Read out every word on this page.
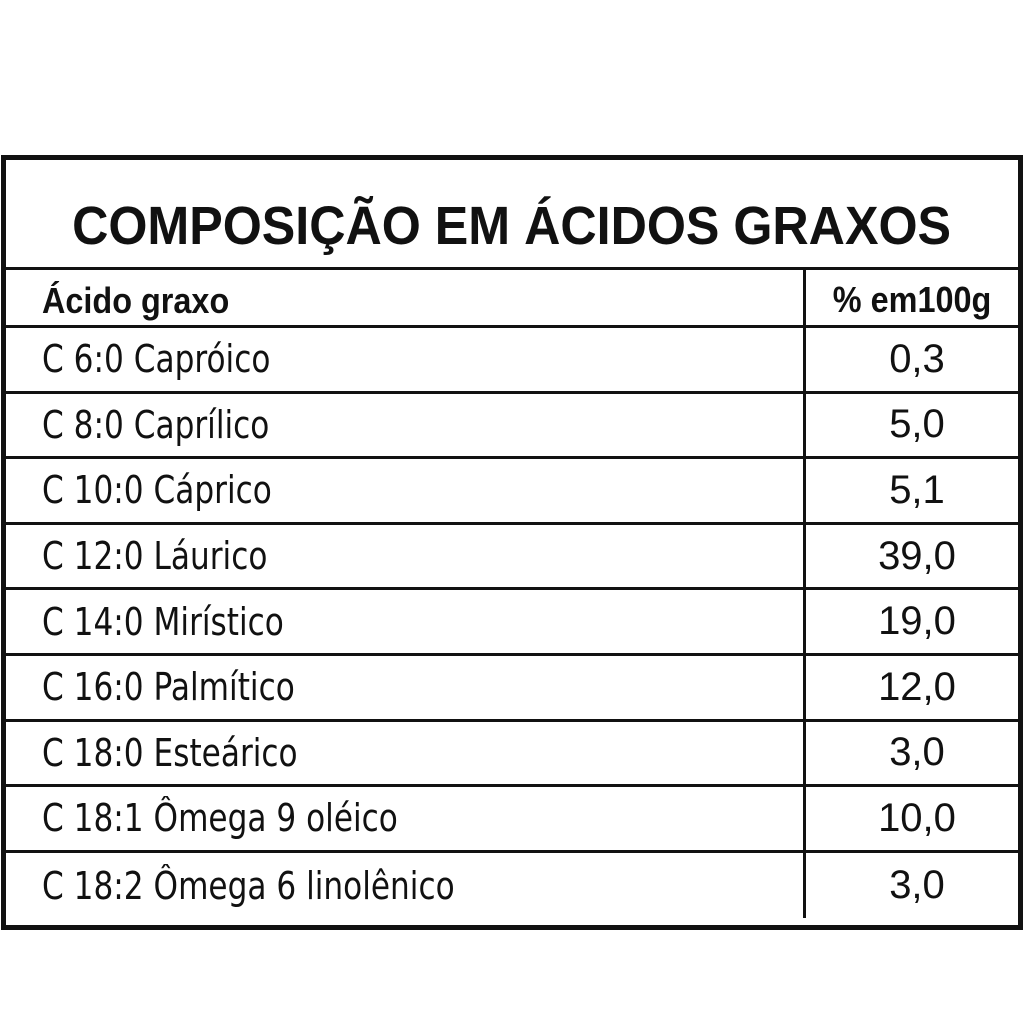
COMPOSIÇÃO EM ÁCIDOS GRAXOS
Ácido graxo	% em100g
C 6:0 Capróico	0,3
C 8:0 Caprílico	5,0
C 10:0 Cáprico	5,1
C 12:0 Láurico	39,0
C 14:0 Mirístico	19,0
C 16:0 Palmítico	12,0
C 18:0 Esteárico	3,0
C 18:1 Ômega 9 oléico	10,0
C 18:2 Ômega 6 linolênico	3,0
